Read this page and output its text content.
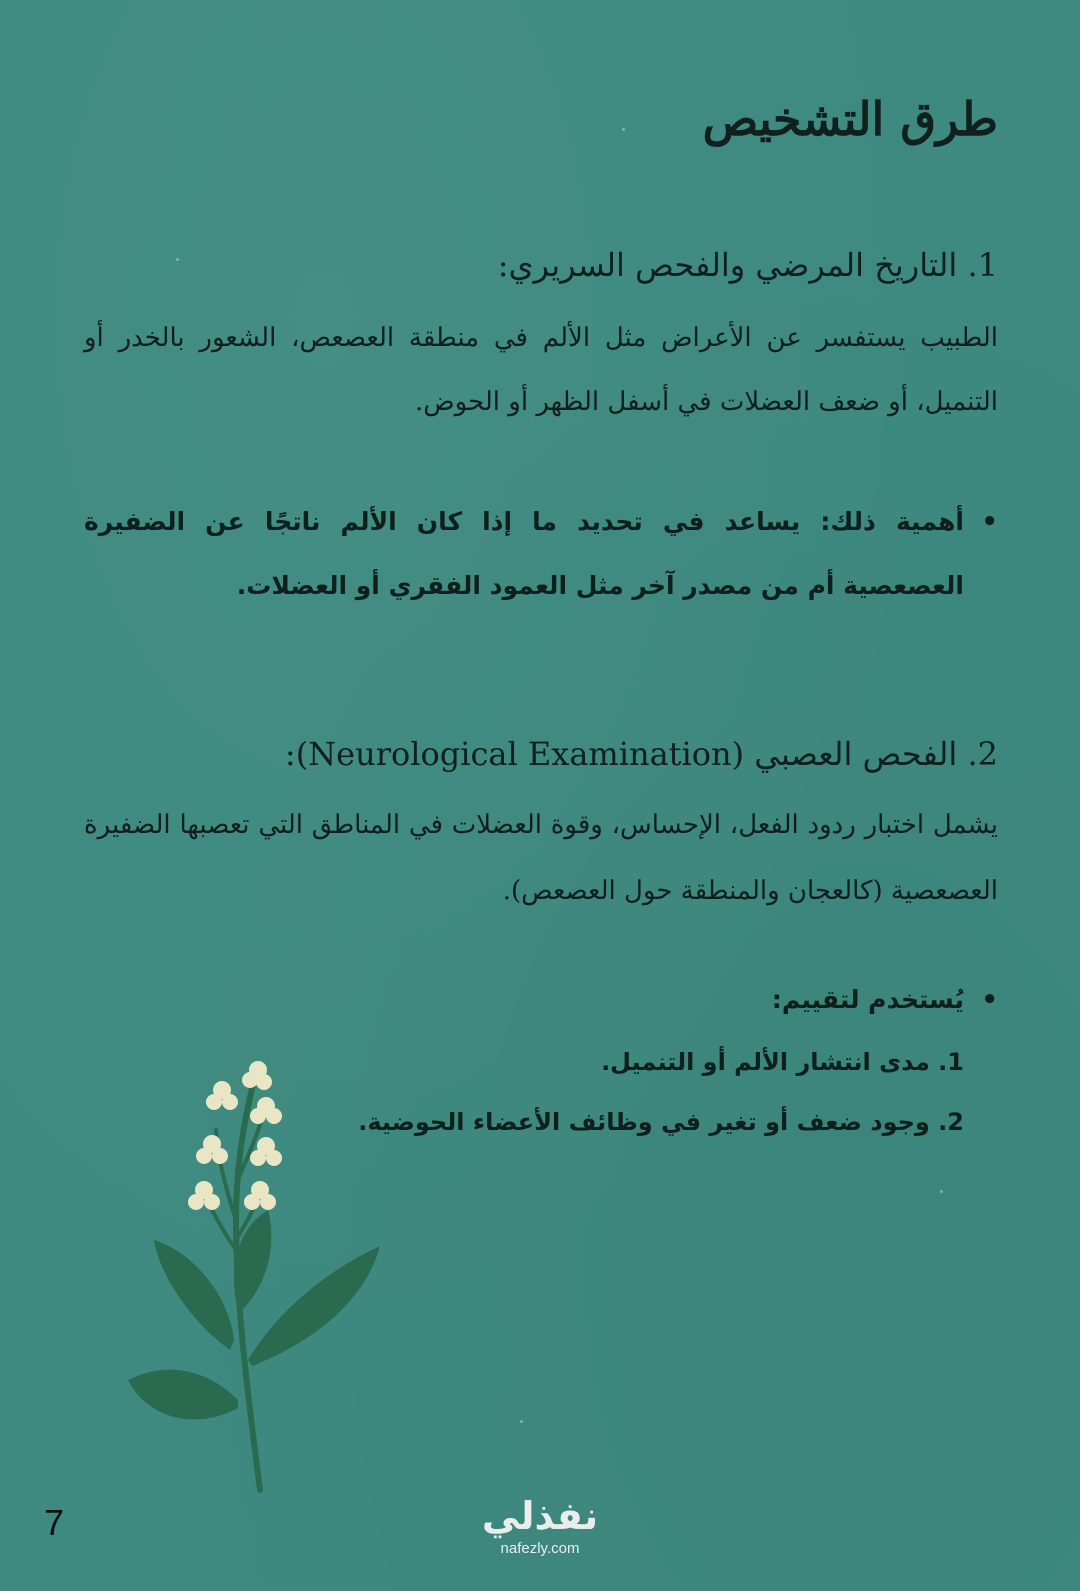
طرق التشخيص
1. التاريخ المرضي والفحص السريري:
الطبيب يستفسر عن الأعراض مثل الألم في منطقة العصعص، الشعور بالخدر أو التنميل، أو ضعف العضلات في أسفل الظهر أو الحوض.
•
أهمية ذلك: يساعد في تحديد ما إذا كان الألم ناتجًا عن الضفيرة العصعصية أم من مصدر آخر مثل العمود الفقري أو العضلات.
2. الفحص العصبي (Neurological Examination):
يشمل اختبار ردود الفعل، الإحساس، وقوة العضلات في المناطق التي تعصبها الضفيرة العصعصية (كالعجان والمنطقة حول العصعص).
•
يُستخدم لتقييم:
1. مدى انتشار الألم أو التنميل.
2. وجود ضعف أو تغير في وظائف الأعضاء الحوضية.
7	نفذلي
nafezly.com
